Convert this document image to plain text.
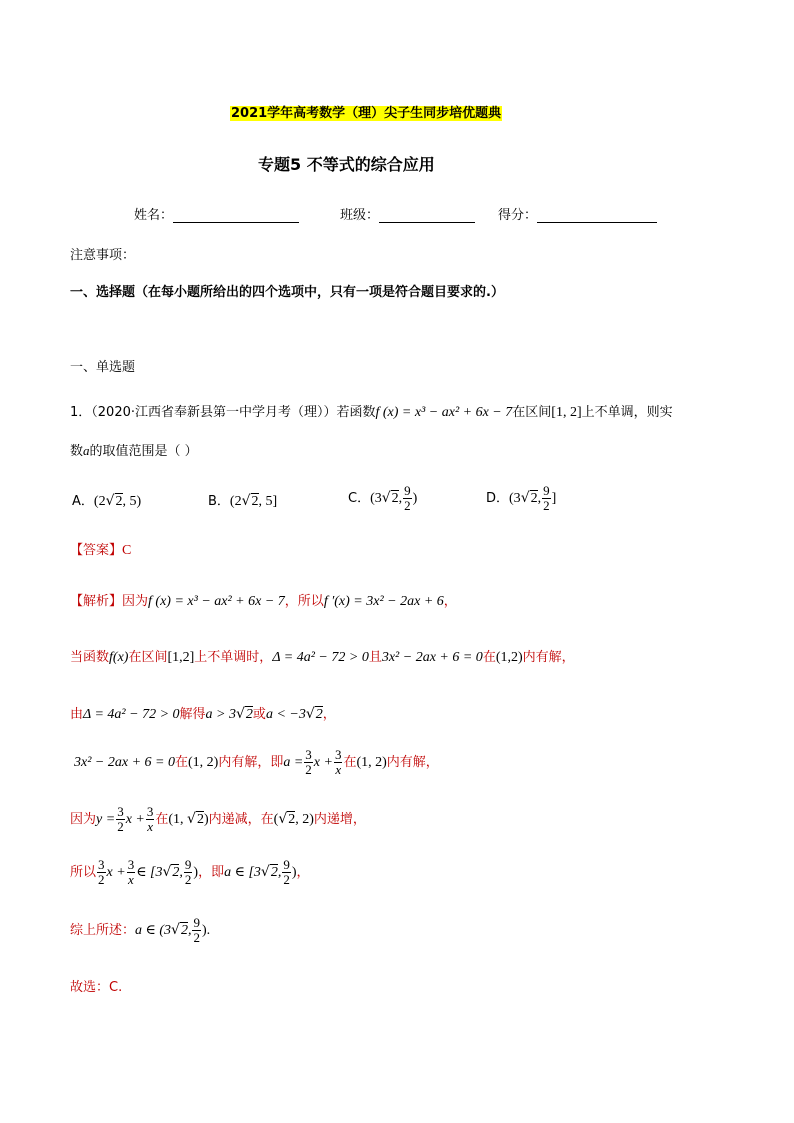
2021学年高考数学（理）尖子生同步培优题典
专题5 不等式的综合应用
姓名：	班级：	得分：
注意事项：
一、选择题（在每小题所给出的四个选项中，只有一项是符合题目要求的.）
一、单选题
1．（2020·江西省奉新县第一中学月考（理））若函数f (x) = x³ − ax² + 6x − 7在区间[1, 2]上不单调，则实
数a的取值范围是（ ）
A．(2√2, 5)	B．(2√2, 5]	C．(3√2, $\frac{9}{2}$ )	D．(3√2, $\frac{9}{2}$ ]
【答案】C
【解析】因为f (x) = x³ − ax² + 6x − 7，所以f ′(x) = 3x² − 2ax + 6，
当函数f(x)在区间[1,2]上不单调时，Δ = 4a² − 72 > 0且3x² − 2ax + 6 = 0在(1,2)内有解，
由Δ = 4a² − 72 > 0解得a > 3√2或a < −3√2，
3x² − 2ax + 6 = 0在(1, 2)内有解，即$a = \frac{3}{2}$ $x + \frac{3}{x}$ 在(1, 2)内有解，
因为$y = \frac{3}{2}$ $x + \frac{3}{x}$ 在(1, √2)内递减，在(√2, 2)内递增，
所以 $\frac{3}{2}$ $x + \frac{3}{x}$ ∈ [3√2, $\frac{9}{2}$ )，即a ∈ [3√2, $\frac{9}{2}$ )，
综上所述：a ∈ (3√2, $\frac{9}{2}$ ).
故选：C.
